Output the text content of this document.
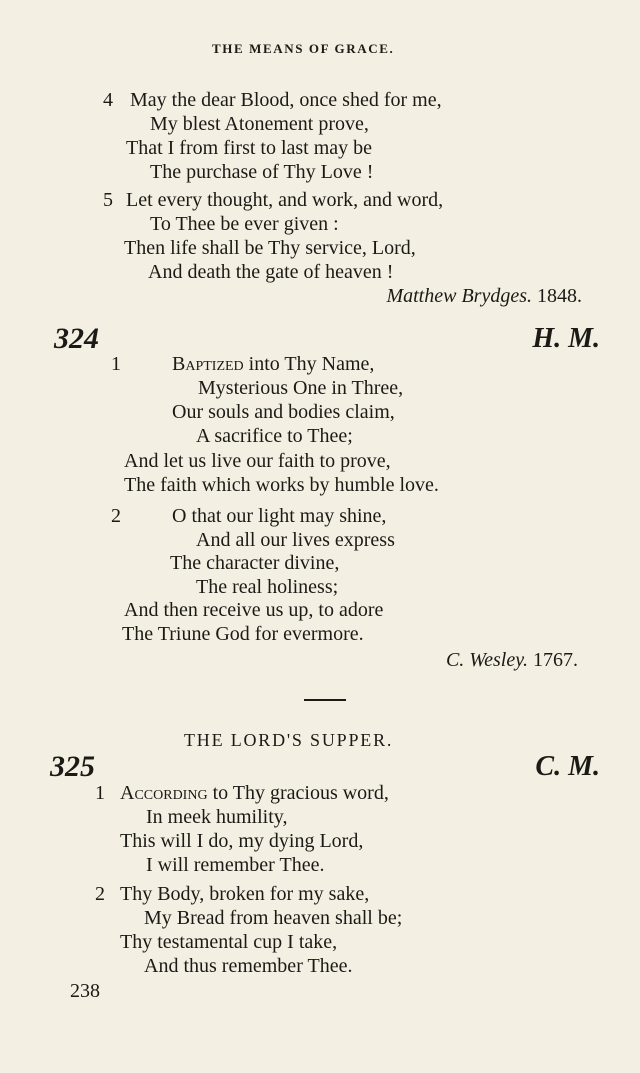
THE MEANS OF GRACE.
4 May the dear Blood, once shed for me,
My blest Atonement prove,
That I from first to last may be
The purchase of Thy Love !
5 Let every thought, and work, and word,
To Thee be ever given :
Then life shall be Thy service, Lord,
And death the gate of heaven !
Matthew Brydges. 1848.
324	H. M.
1	Baptized into Thy Name,
Mysterious One in Three,
Our souls and bodies claim,
A sacrifice to Thee;
And let us live our faith to prove,
The faith which works by humble love.
2	O that our light may shine,
And all our lives express
The character divine,
The real holiness;
And then receive us up, to adore
The Triune God for evermore.
C. Wesley. 1767.
THE LORD'S SUPPER.
325	C. M.
1 According to Thy gracious word,
In meek humility,
This will I do, my dying Lord,
I will remember Thee.
2 Thy Body, broken for my sake,
My Bread from heaven shall be;
Thy testamental cup I take,
And thus remember Thee.
238
